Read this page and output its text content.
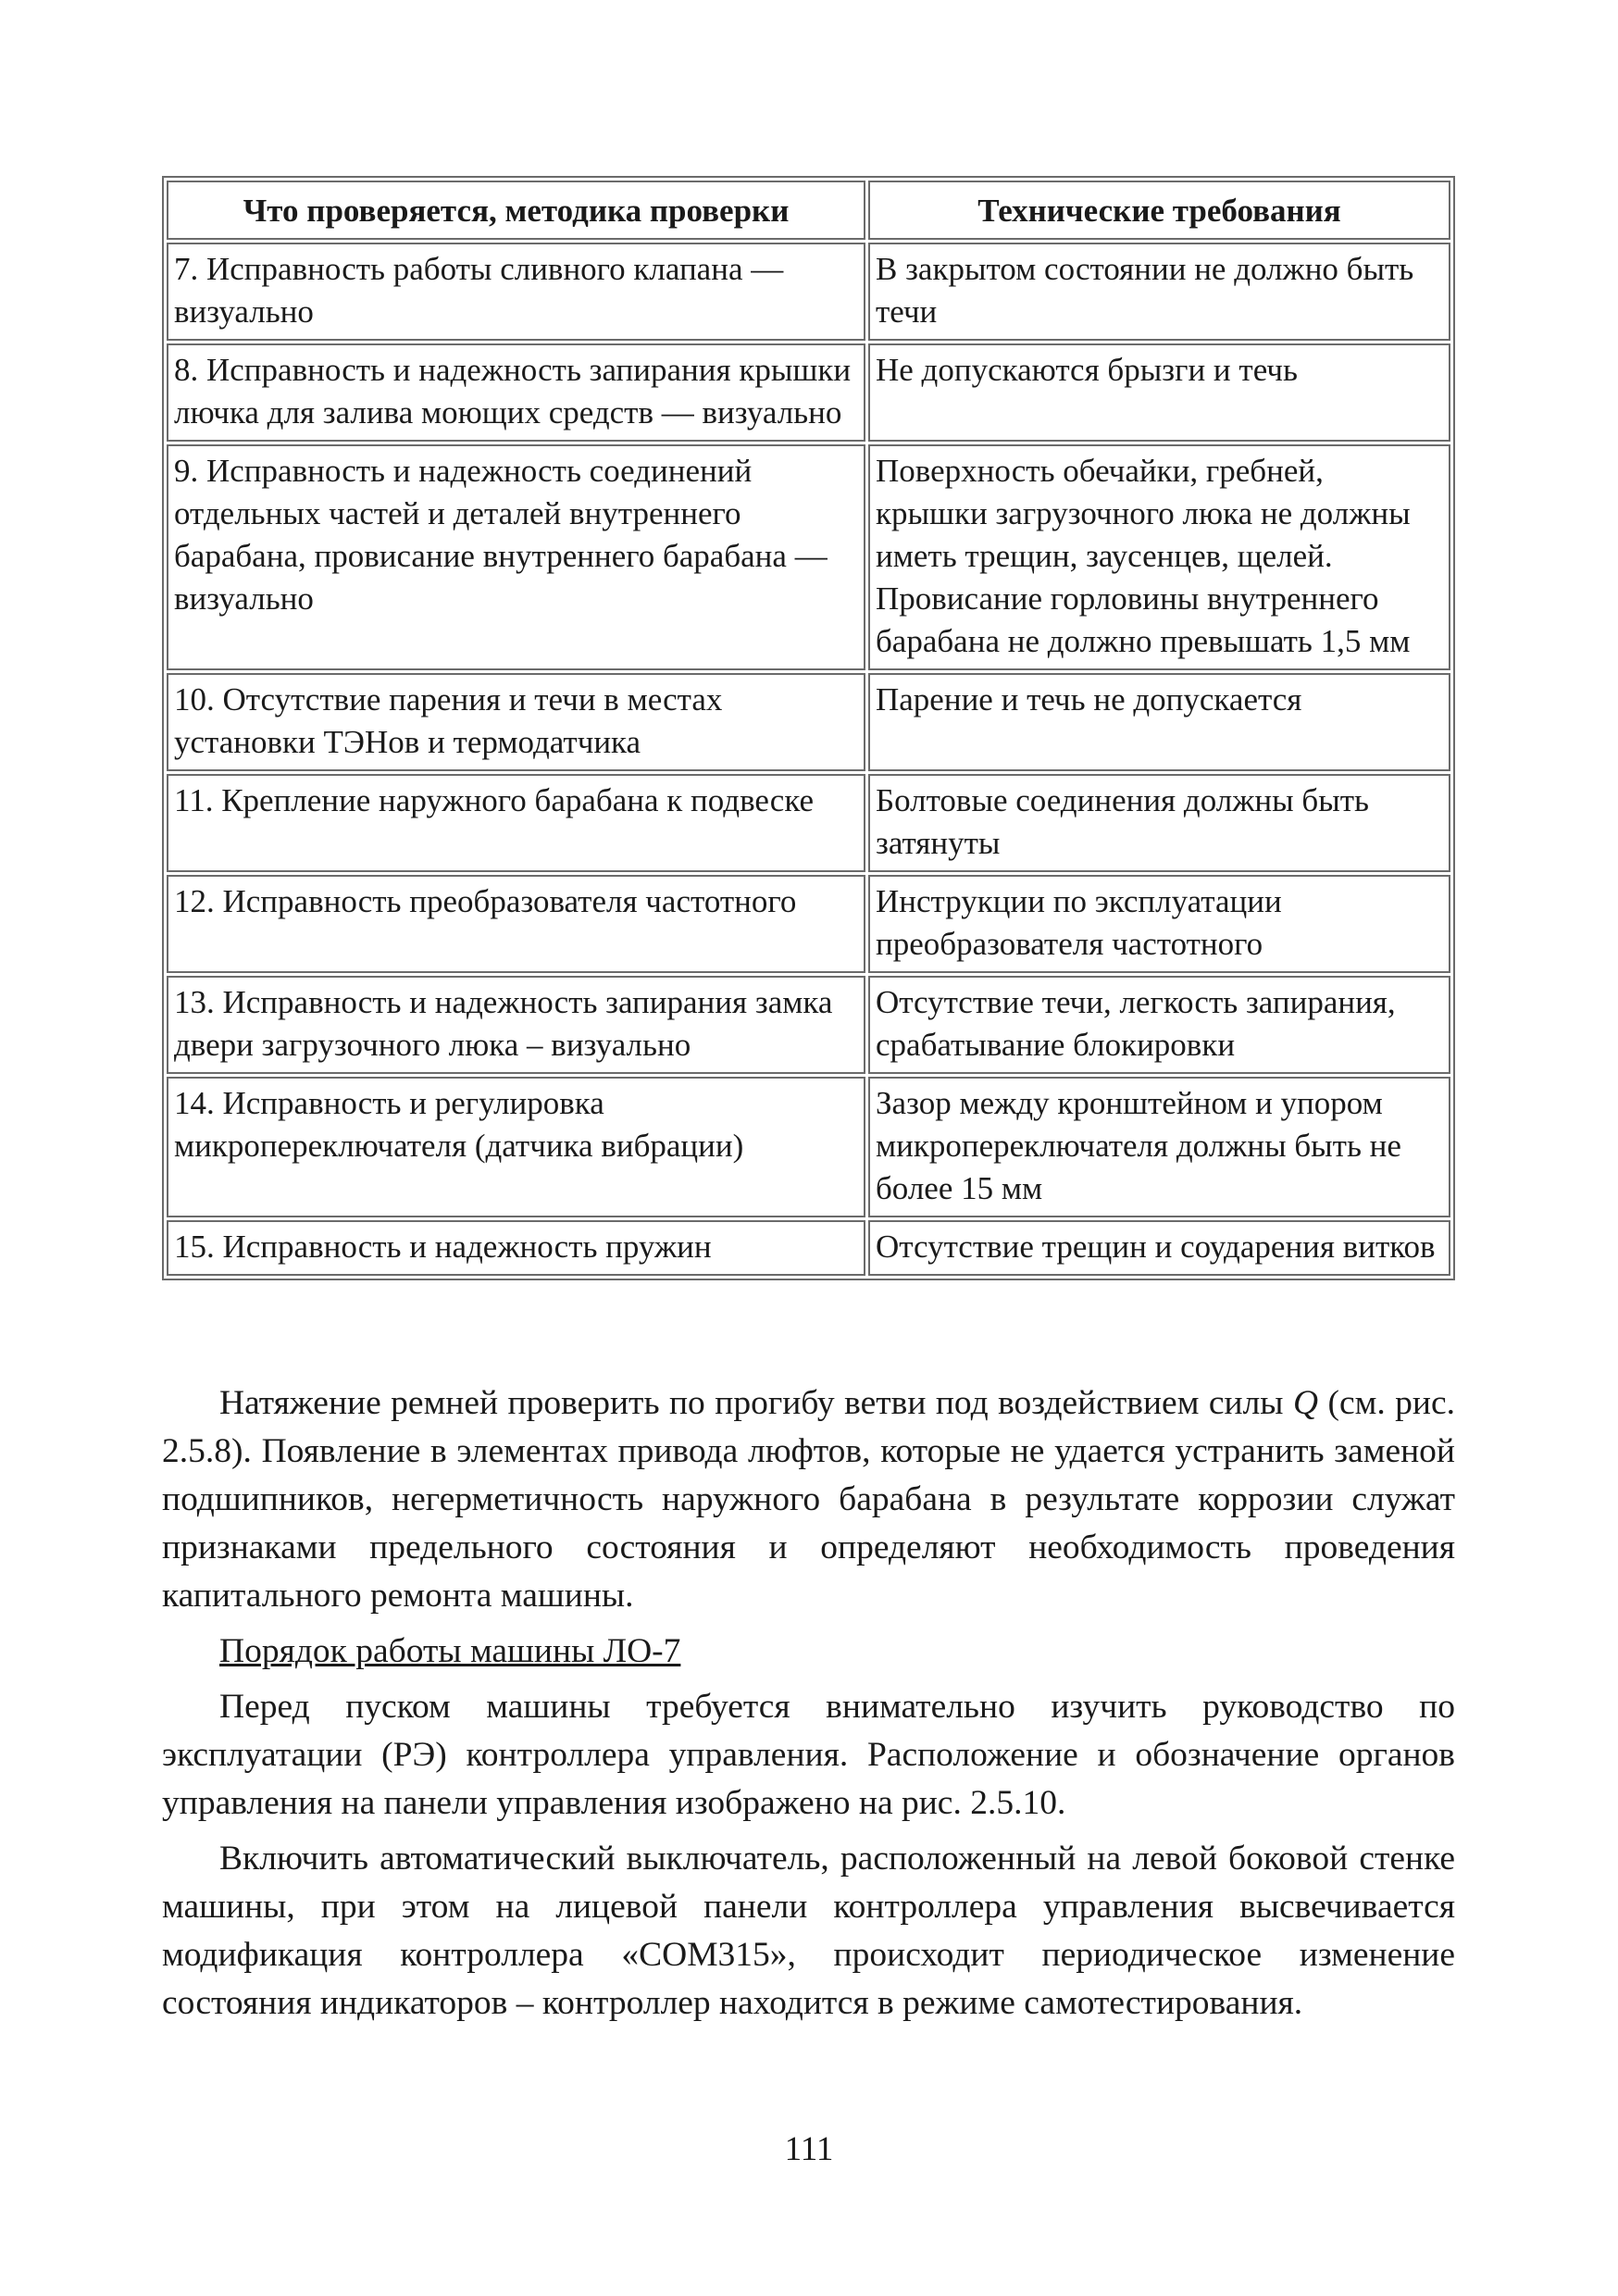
Что проверяется, методика проверки	Технические требования
7. Исправность работы сливного клапана — визуально	В закрытом состоянии не должно быть течи
8. Исправность и надежность запирания крышки лючка для залива моющих средств — визуально	Не допускаются брызги и течь
9. Исправность и надежность соединений отдельных частей и деталей внутреннего барабана, провисание внутреннего барабана — визуально	Поверхность обечайки, гребней, крышки загрузочного люка не должны иметь трещин, заусенцев, щелей. Провисание горловины внутреннего барабана не должно превышать 1,5 мм
10. Отсутствие парения и течи в местах установки ТЭНов и термодатчика	Парение и течь не допускается
11. Крепление наружного барабана к подвеске	Болтовые соединения должны быть затянуты
12. Исправность преобразователя частотного	Инструкции по эксплуатации преобразователя частотного
13. Исправность и надежность запирания замка двери загрузочного люка – визуально	Отсутствие течи, легкость запирания, срабатывание блокировки
14. Исправность и регулировка микропереключателя (датчика вибрации)	Зазор между кронштейном и упором микропереключателя должны быть не более 15 мм
15. Исправность и надежность пружин	Отсутствие трещин и соударения витков

Натяжение ремней проверить по прогибу ветви под воздействием силы Q (см. рис. 2.5.8). Появление в элементах привода люфтов, которые не удается устранить заменой подшипников, негерметичность наружного барабана в результате коррозии служат признаками предельного состояния и определяют необходимость проведения капитального ремонта машины.

Порядок работы машины ЛО-7

Перед пуском машины требуется внимательно изучить руководство по эксплуатации (РЭ) контроллера управления. Расположение и обозначение органов управления на панели управления изображено на рис. 2.5.10.

Включить автоматический выключатель, расположенный на левой боковой стенке машины, при этом на лицевой панели контроллера управления высвечивается модификация контроллера «СОМ315», происходит периодическое изменение состояния индикаторов – контроллер находится в режиме самотестирования.

111
